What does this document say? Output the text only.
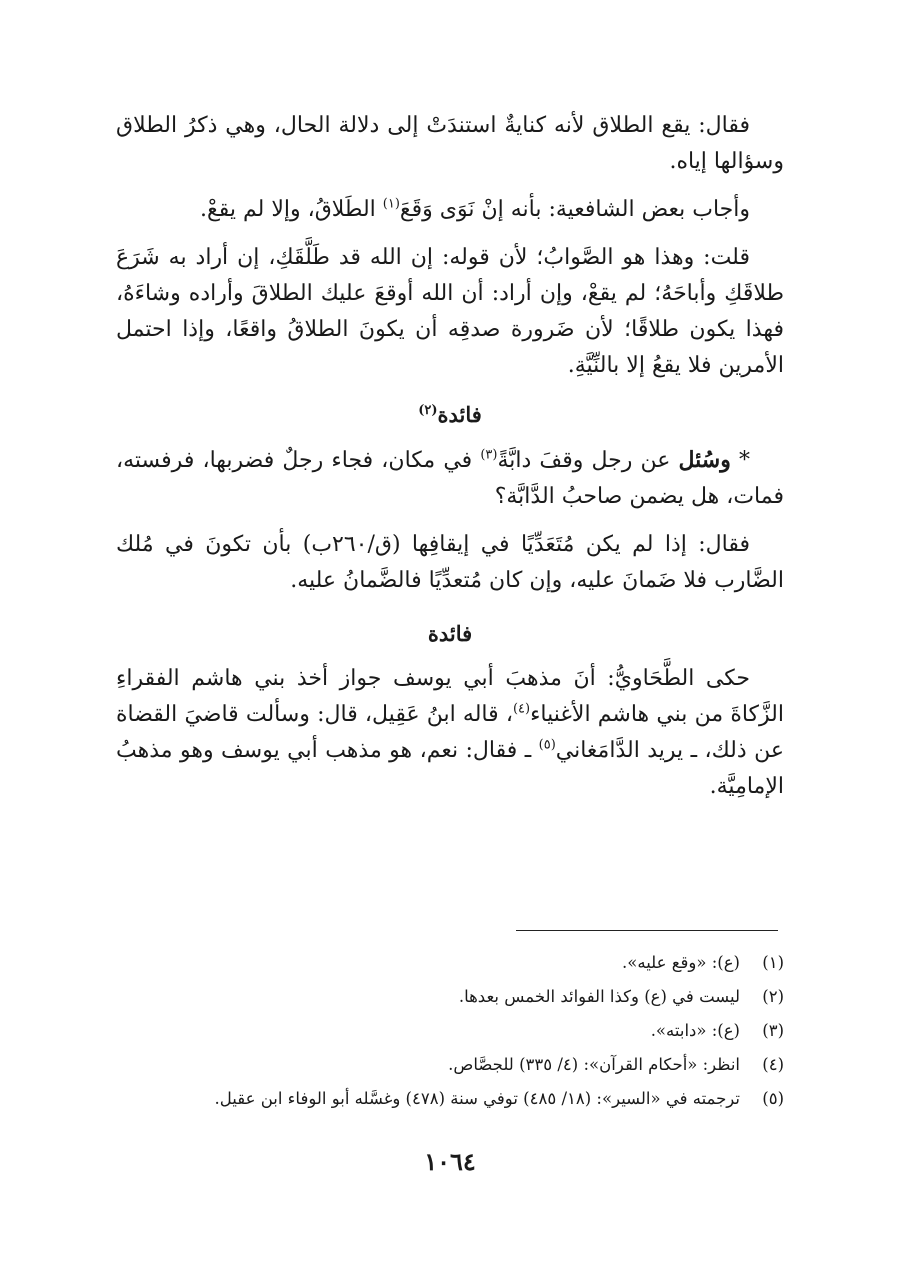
فقال: يقع الطلاق لأنه كنايةٌ استندَتْ إلى دلالة الحال، وهي ذكرُ الطلاق وسؤالها إياه.

وأجاب بعض الشافعية: بأنه إنْ نَوَى وَقَعَ$^{(١)}$ الطَلاقُ، وإلا لم يقعْ.

قلت: وهذا هو الصَّوابُ؛ لأن قوله: إن الله قد طَلَّقَكِ، إن أراد به شَرَعَ طلاقَكِ وأباحَهُ؛ لم يقعْ، وإن أراد: أن الله أوقعَ عليك الطلاقَ وأراده وشاءَهُ، فهذا يكون طلاقًا؛ لأن ضَرورة صدقِه أن يكونَ الطلاقُ واقعًا، وإذا احتمل الأمرين فلا يقعُ إلا بالنِّيَّةِ.

فائدة$^{(٢)}$

* وسُئل عن رجل وقفَ دابَّةً$^{(٣)}$ في مكان، فجاء رجلٌ فضربها، فرفسته، فمات، هل يضمن صاحبُ الدَّابَّة؟

فقال: إذا لم يكن مُتَعَدِّيًا في إيقافِها (ق/٢٦٠ب) بأن تكونَ في مُلك الضَّارب فلا ضَمانَ عليه، وإن كان مُتعدِّيًا فالضَّمانُ عليه.

فائدة

حكى الطَّحَاويُّ: أنَ مذهبَ أبي يوسف جواز أخذ بني هاشم الفقراءِ الزَّكاةَ من بني هاشم الأغنياء$^{(٤)}$، قاله ابنُ عَقِيل، قال: وسألت قاضيَ القضاة عن ذلك، ـ يريد الدَّامَغاني$^{(٥)}$ ـ فقال: نعم، هو مذهب أبي يوسف وهو مذهبُ الإمامِيَّة.

(١)(ع): «وقع عليه».
(٢)ليست في (ع) وكذا الفوائد الخمس بعدها.
(٣)(ع): «دابته».
(٤)انظر: «أحكام القرآن»: (٤/ ٣٣٥) للجصَّاص.
(٥)ترجمته في «السير»: (١٨/ ٤٨٥) توفي سنة (٤٧٨) وغسَّله أبو الوفاء ابن عقيل.
١٠٦٤
